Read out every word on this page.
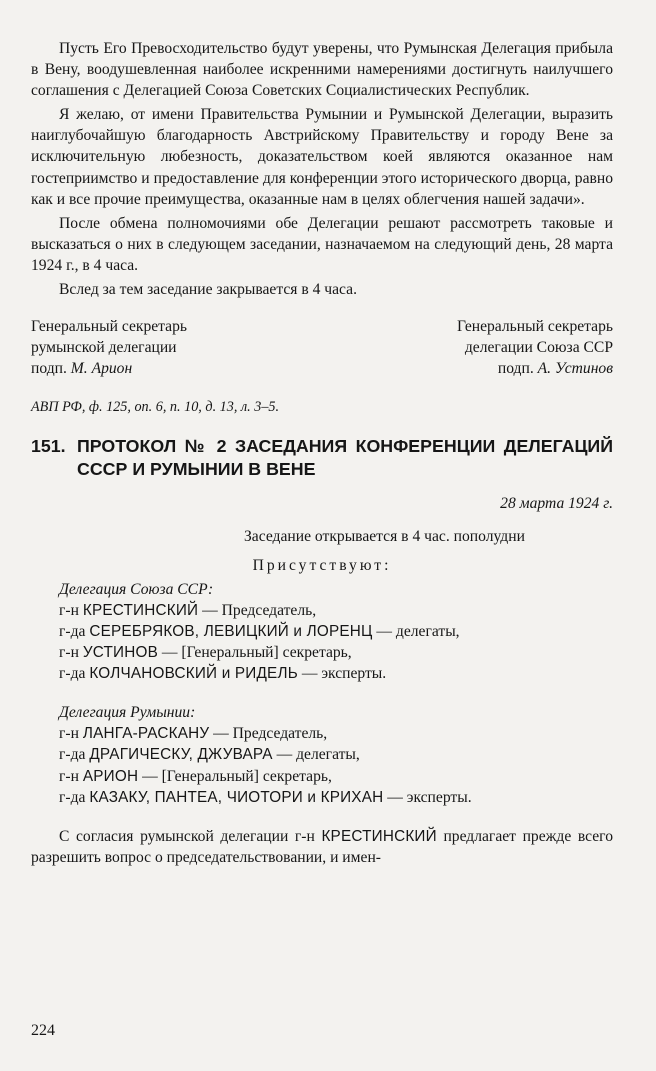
Пусть Его Превосходительство будут уверены, что Румынская Делегация прибыла в Вену, воодушевленная наиболее искренними намерениями достигнуть наилучшего соглашения с Делегацией Союза Советских Социалистических Республик.

Я желаю, от имени Правительства Румынии и Румынской Делегации, выразить наиглубочайшую благодарность Австрийскому Правительству и городу Вене за исключительную любезность, доказательством коей являются оказанное нам гостеприимство и предоставление для конференции этого исторического дворца, равно как и все прочие преимущества, оказанные нам в целях облегчения нашей задачи».

После обмена полномочиями обе Делегации решают рассмотреть таковые и высказаться о них в следующем заседании, назначаемом на следующий день, 28 марта 1924 г., в 4 часа.

Вслед за тем заседание закрывается в 4 часа.

Генеральный секретарь
румынской делегации
подп. М. Арион
Генеральный секретарь
делегации Союза ССР
подп. А. Устинов
АВП РФ, ф. 125, оп. 6, п. 10, д. 13, л. 3–5.
151. ПРОТОКОЛ № 2 ЗАСЕДАНИЯ КОНФЕРЕНЦИИ ДЕЛЕГАЦИЙ СССР И РУМЫНИИ В ВЕНЕ
28 марта 1924 г.
Заседание открывается в 4 час. пополудни
Присутствуют:
Делегация Союза ССР:
г-н КРЕСТИНСКИЙ — Председатель,
г-да СЕРЕБРЯКОВ, ЛЕВИЦКИЙ и ЛОРЕНЦ — делегаты,
г-н УСТИНОВ — [Генеральный] секретарь,
г-да КОЛЧАНОВСКИЙ и РИДЕЛЬ — эксперты.
Делегация Румынии:
г-н ЛАНГА-РАСКАНУ — Председатель,
г-да ДРАГИЧЕСКУ, ДЖУВАРА — делегаты,
г-н АРИОН — [Генеральный] секретарь,
г-да КАЗАКУ, ПАНТЕА, ЧИОТОРИ и КРИХАН — эксперты.

С согласия румынской делегации г-н КРЕСТИНСКИЙ предлагает прежде всего разрешить вопрос о председательствовании, и имен-

224
